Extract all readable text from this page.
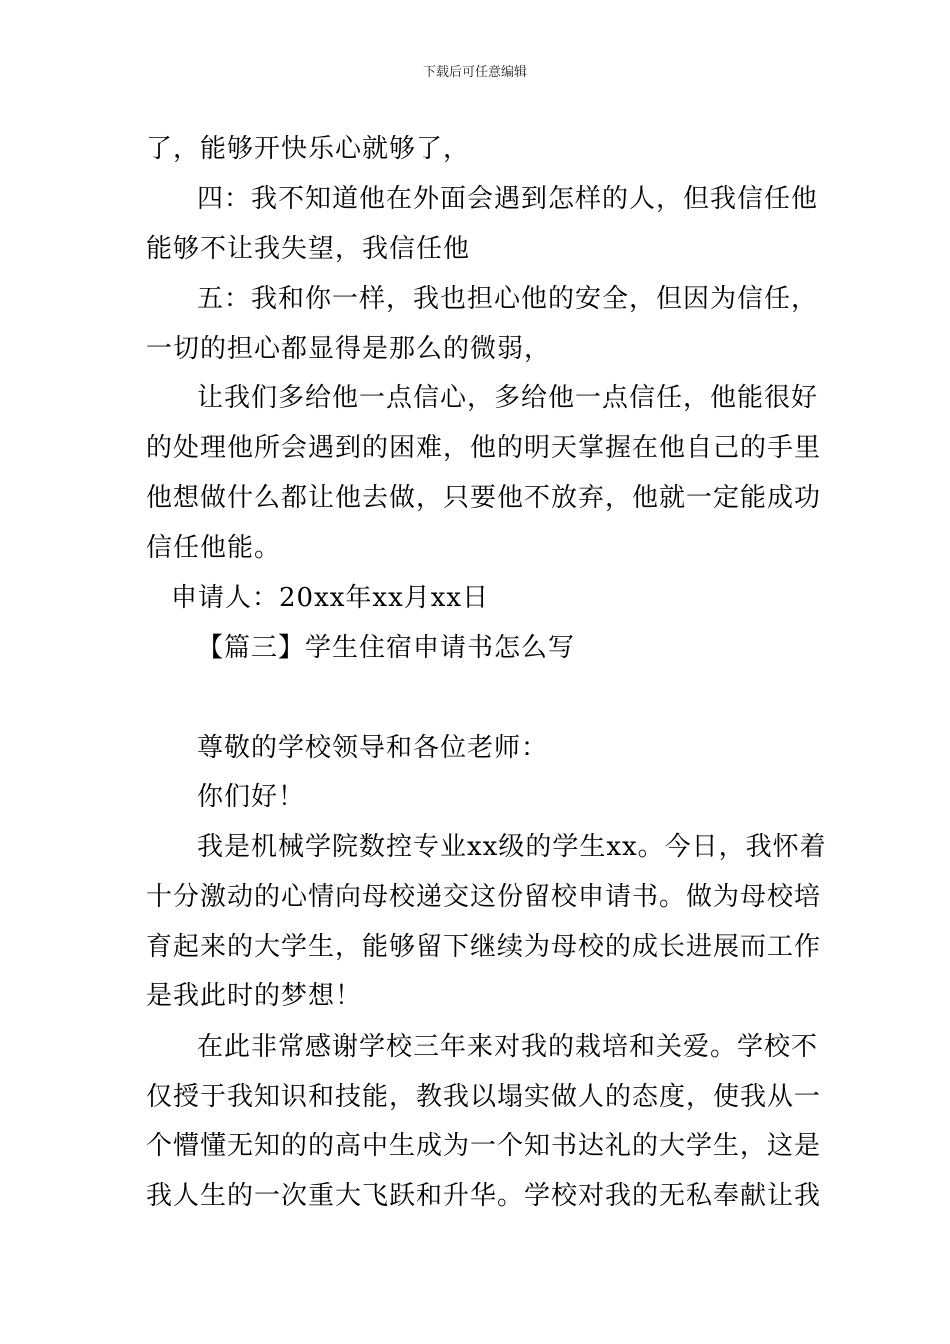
下载后可任意编辑
了，能够开快乐心就够了，
四：我不知道他在外面会遇到怎样的人，但我信任他
能够不让我失望，我信任他
五：我和你一样，我也担心他的安全，但因为信任，
一切的担心都显得是那么的微弱，
让我们多给他一点信心，多给他一点信任，他能很好
的处理他所会遇到的困难，他的明天掌握在他自己的手里
他想做什么都让他去做，只要他不放弃，他就一定能成功
信任他能。
申请人：20xx年xx月xx日
【篇三】学生住宿申请书怎么写
尊敬的学校领导和各位老师：
你们好！
我是机械学院数控专业xx级的学生xx。今日，我怀着
十分激动的心情向母校递交这份留校申请书。做为母校培
育起来的大学生，能够留下继续为母校的成长进展而工作
是我此时的梦想！
在此非常感谢学校三年来对我的栽培和关爱。学校不
仅授于我知识和技能，教我以塌实做人的态度，使我从一
个懵懂无知的的高中生成为一个知书达礼的大学生，这是
我人生的一次重大飞跃和升华。学校对我的无私奉献让我
